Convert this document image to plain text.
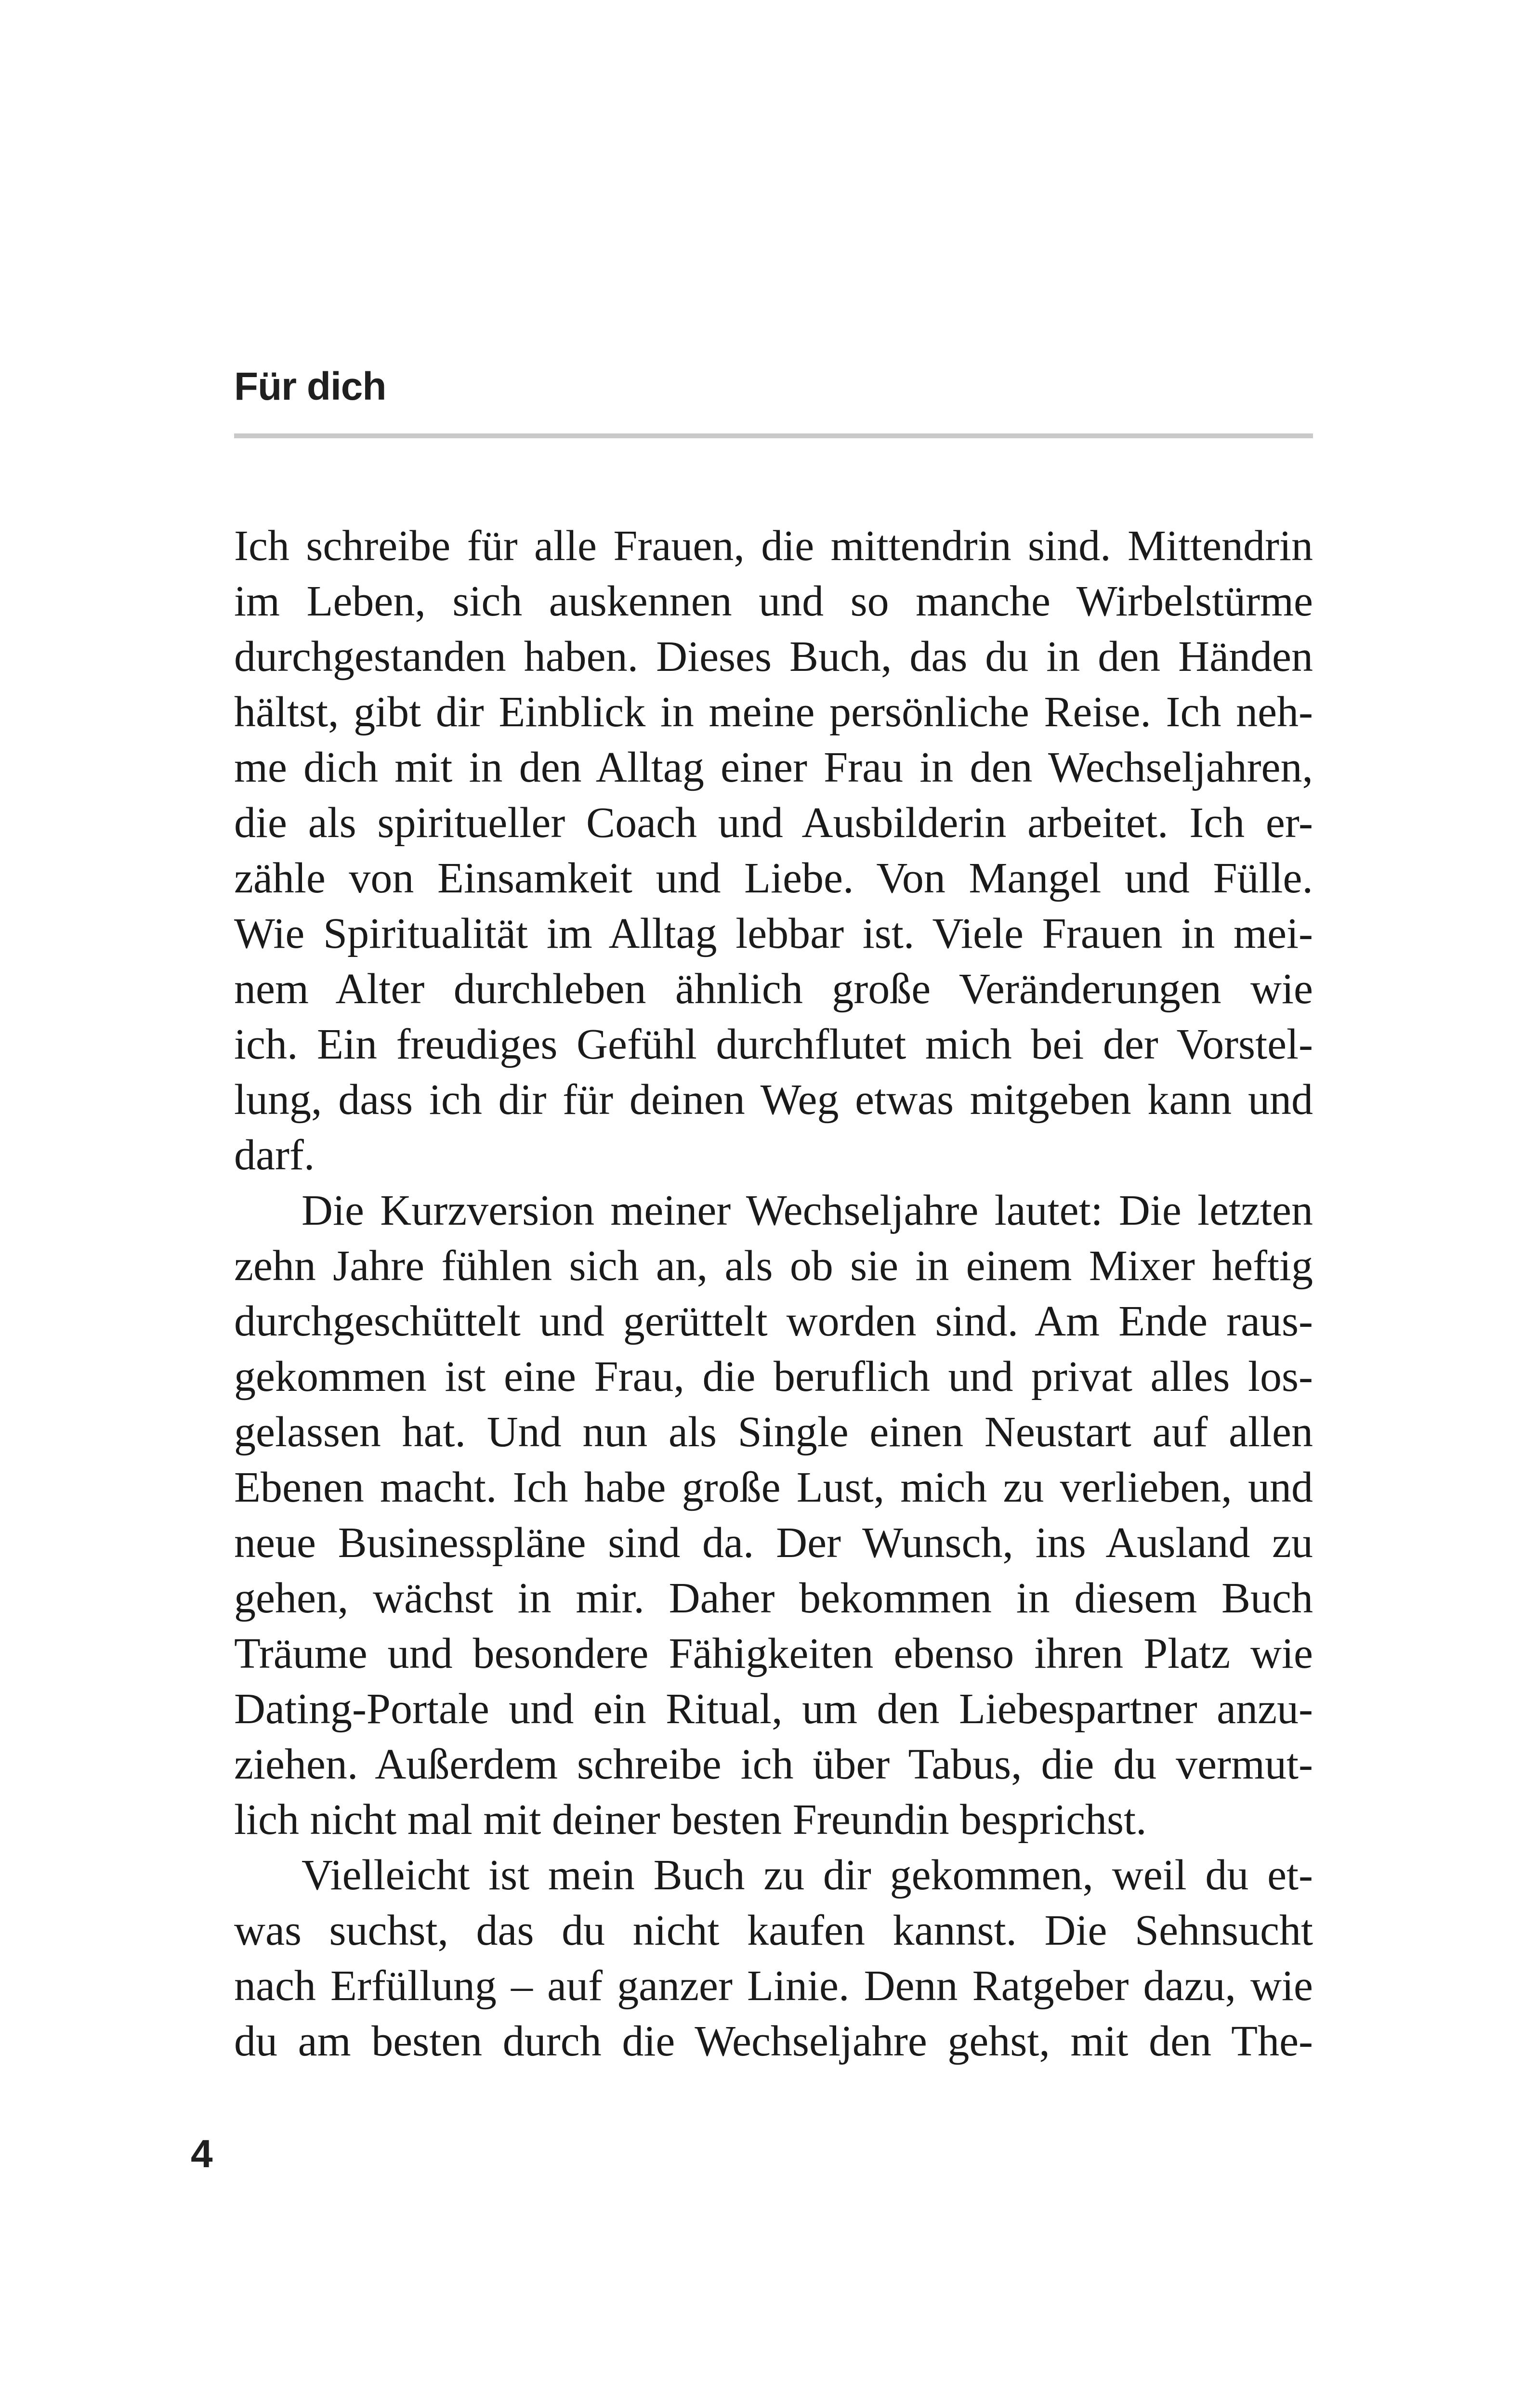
Für dich
Ich schreibe für alle Frauen, die mittendrin sind. Mittendrin
im Leben, sich auskennen und so manche Wirbelstürme
durchgestanden haben. Dieses Buch, das du in den Händen
hältst, gibt dir Einblick in meine persönliche Reise. Ich neh-
me dich mit in den Alltag einer Frau in den Wechseljahren,
die als spiritueller Coach und Ausbilderin arbeitet. Ich er-
zähle von Einsamkeit und Liebe. Von Mangel und Fülle.
Wie Spiritualität im Alltag lebbar ist. Viele Frauen in mei-
nem Alter durchleben ähnlich große Veränderungen wie
ich. Ein freudiges Gefühl durchflutet mich bei der Vorstel-
lung, dass ich dir für deinen Weg etwas mitgeben kann und
darf.
Die Kurzversion meiner Wechseljahre lautet: Die letzten
zehn Jahre fühlen sich an, als ob sie in einem Mixer heftig
durchgeschüttelt und gerüttelt worden sind. Am Ende raus-
gekommen ist eine Frau, die beruflich und privat alles los-
gelassen hat. Und nun als Single einen Neustart auf allen
Ebenen macht. Ich habe große Lust, mich zu verlieben, und
neue Businesspläne sind da. Der Wunsch, ins Ausland zu
gehen, wächst in mir. Daher bekommen in diesem Buch
Träume und besondere Fähigkeiten ebenso ihren Platz wie
Dating-Portale und ein Ritual, um den Liebespartner anzu-
ziehen. Außerdem schreibe ich über Tabus, die du vermut-
lich nicht mal mit deiner besten Freundin besprichst.
Vielleicht ist mein Buch zu dir gekommen, weil du et-
was suchst, das du nicht kaufen kannst. Die Sehnsucht
nach Erfüllung – auf ganzer Linie. Denn Ratgeber dazu, wie
du am besten durch die Wechseljahre gehst, mit den The-
4
